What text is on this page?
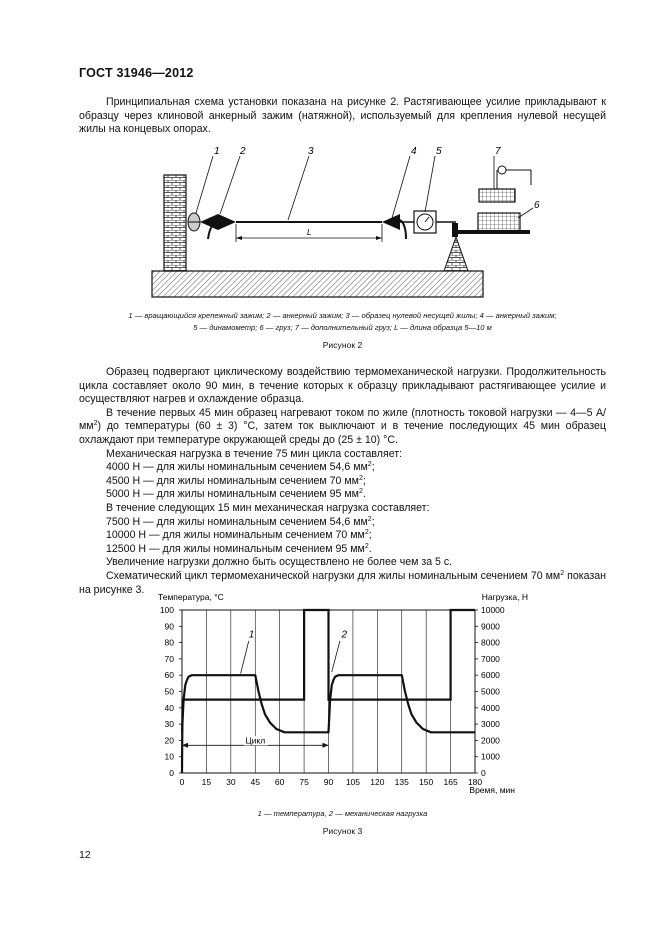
ГОСТ 31946—2012

Принципиальная схема установки показана на рисунке 2. Растягивающее усилие прикладывают к образцу через клиновой анкерный зажим (натяжной), используемый для крепления нулевой несущей жилы на концевых опорах.

L
1 2	3	4 5	7
6
1 — вращающийся крепежный зажим; 2 — анкерный зажим; 3 — образец нулевой несущей жилы; 4 — анкерный зажим;
5 — динамометр; 6 — груз; 7 — дополнительный груз; L — длина образца 5—10 м
Рисунок 2

Образец подвергают циклическому воздействию термомеханической нагрузки. Продолжительность цикла составляет около 90 мин, в течение которых к образцу прикладывают растягивающее усилие и осуществляют нагрев и охлаждение образца.

В течение первых 45 мин образец нагревают током по жиле (плотность токовой нагрузки — 4—5 $А/мм^2$) до температуры (60 ± 3) °С, затем ток выключают и в течение последующих 45 мин образец охлаждают при температуре окружающей среды до (25 ± 10) °С.

Механическая нагрузка в течение 75 мин цикла составляет:

4000 Н — для жилы номинальным сечением 54,6 $мм^2$;

4500 Н — для жилы номинальным сечением 70 $мм^2$;

5000 Н — для жилы номинальным сечением 95 $мм^2$.

В течение следующих 15 мин механическая нагрузка составляет:

7500 Н — для жилы номинальным сечением 54,6 $мм^2$;

10000 Н — для жилы номинальным сечением 70 $мм^2$;

12500 Н — для жилы номинальным сечением 95 $мм^2$.

Увеличение нагрузки должно быть осуществлено не более чем за 5 с.

Схематический цикл термомеханической нагрузки для жилы номинальным сечением 70 $мм^2$ показан на рисунке 3.

Температура, °С	Нагрузка, Н
Время, мин
0 15 30 45 60 75 90 105 120 135 150 165 180
0
10
20
30
40
50
60
70
80
90
100
0
1000
2000
3000
4000
5000
6000
7000
8000
9000
10000
1	2
Цикл
1 — температура, 2 — механическая нагрузка
Рисунок 3
12
